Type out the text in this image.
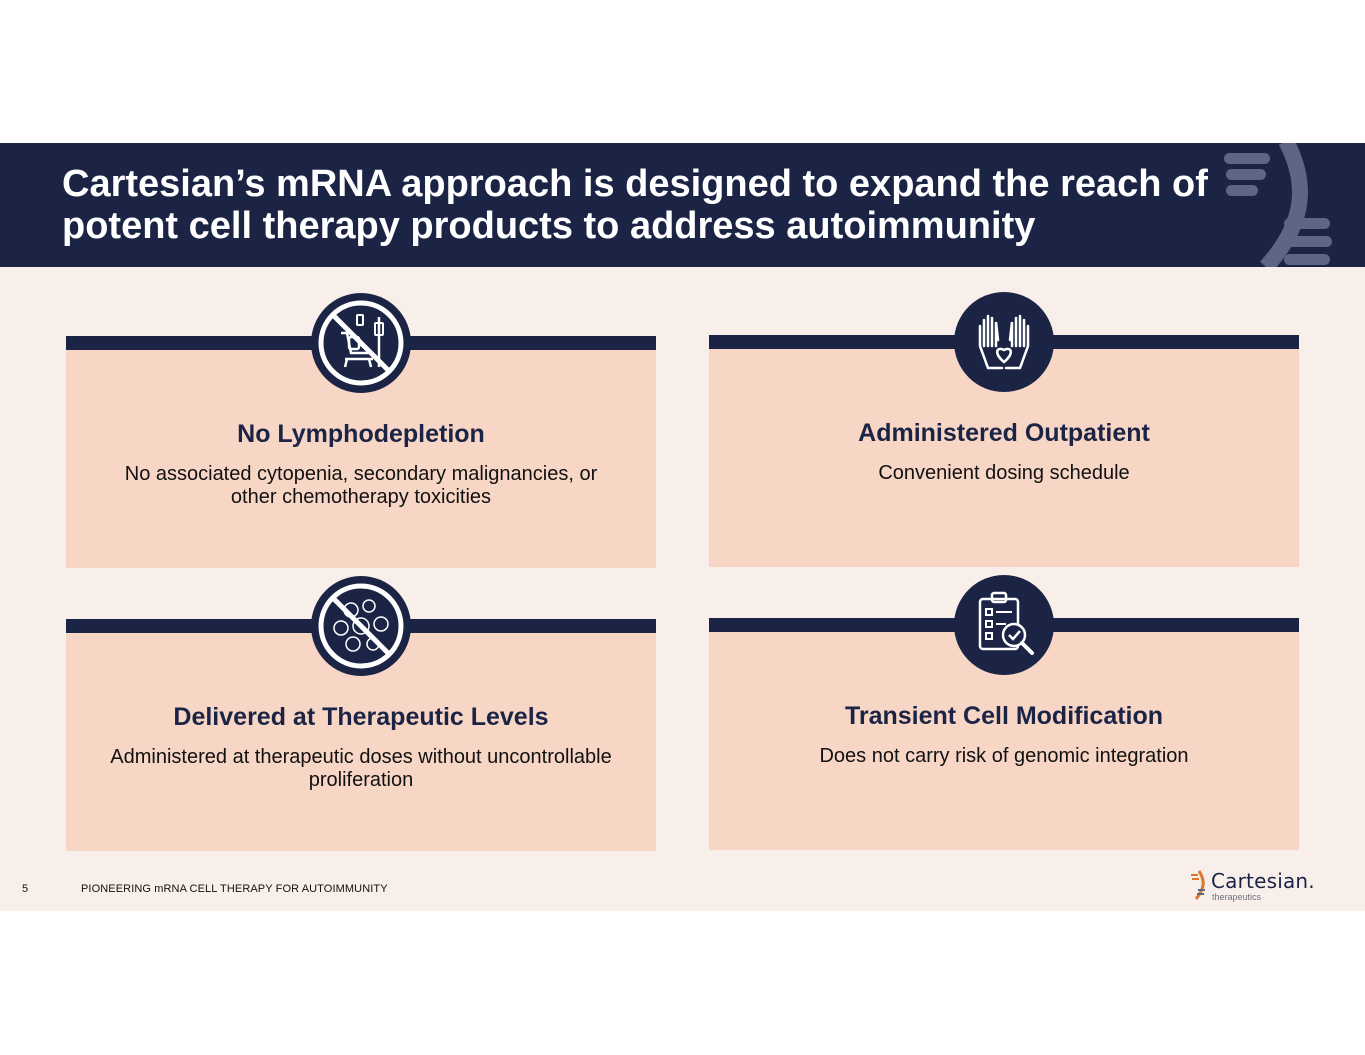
Cartesian’s mRNA approach is designed to expand the reach of potent cell therapy products to address autoimmunity
No Lymphodepletion

No associated cytopenia, secondary malignancies, or other chemotherapy toxicities

Administered Outpatient

Convenient dosing schedule

Delivered at Therapeutic Levels

Administered at therapeutic doses without uncontrollable proliferation

Transient Cell Modification

Does not carry risk of genomic integration

5	PIONEERING mRNA CELL THERAPY FOR AUTOIMMUNITY	Cartesian.
therapeutics
